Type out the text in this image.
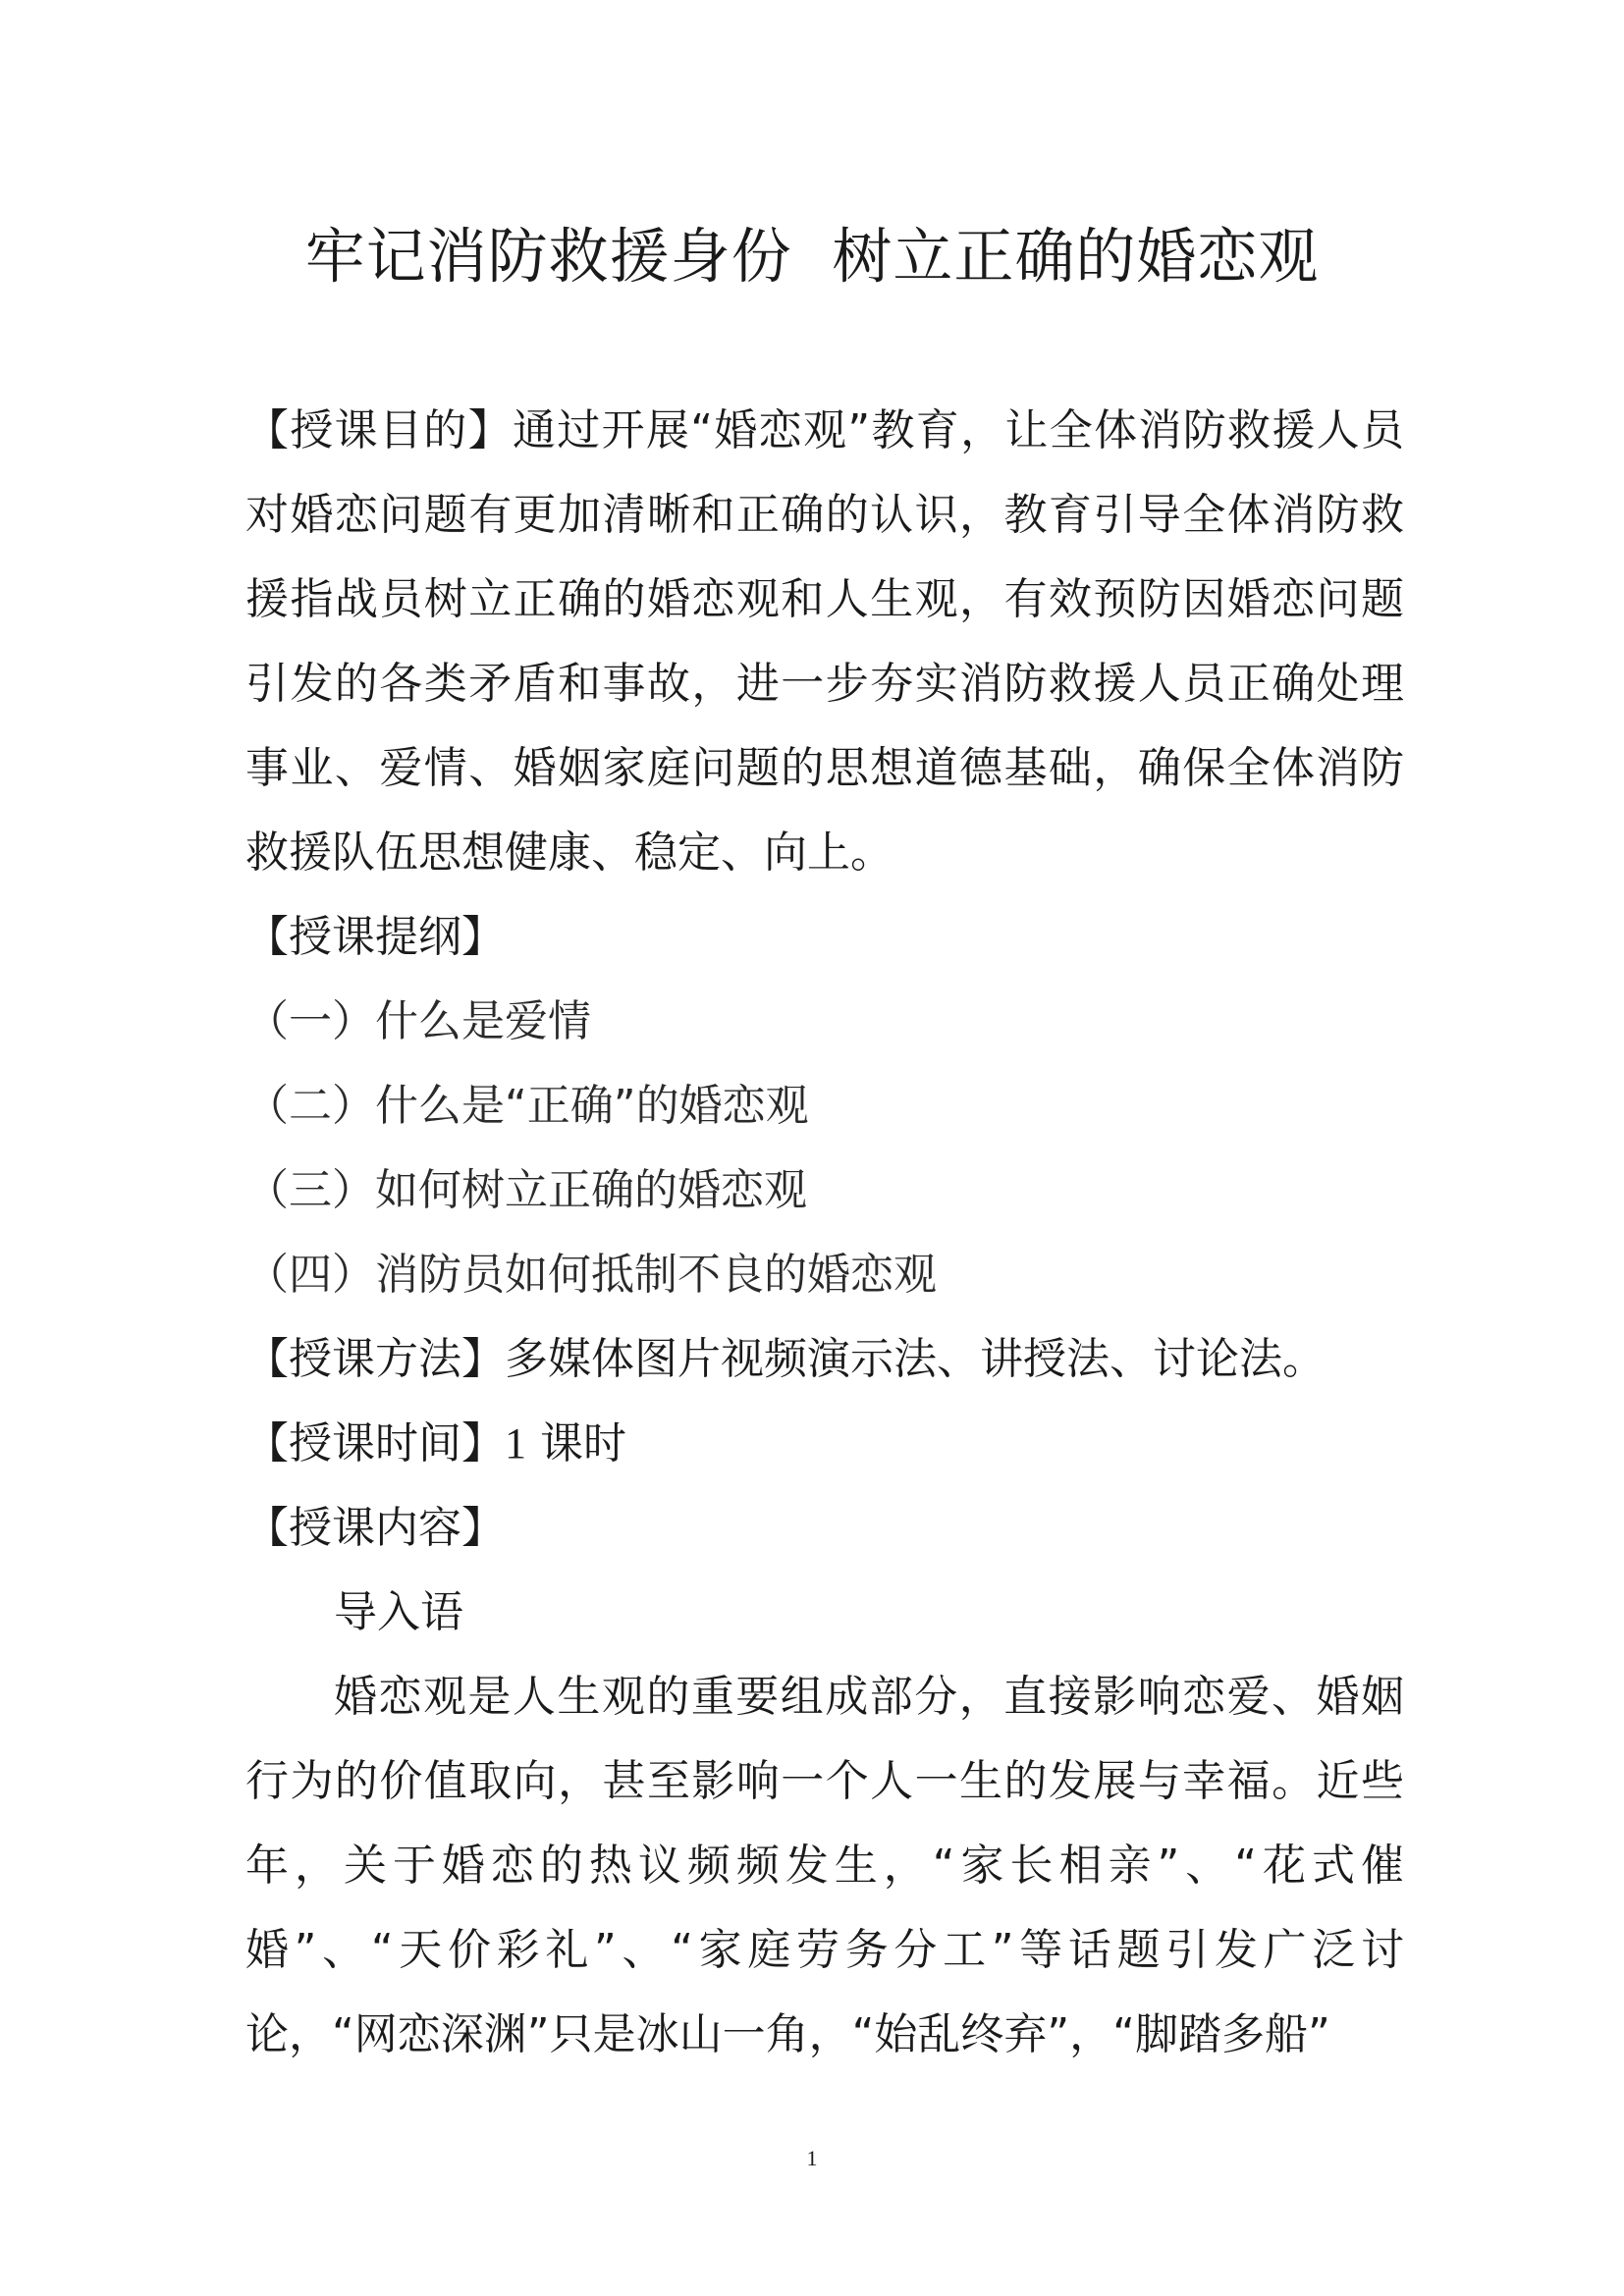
牢记消防救援身份  树立正确的婚恋观

【授课目的】通过开展“婚恋观”教育，让全体消防救援人员对婚恋问题有更加清晰和正确的认识，教育引导全体消防救援指战员树立正确的婚恋观和人生观，有效预防因婚恋问题引发的各类矛盾和事故，进一步夯实消防救援人员正确处理事业、爱情、婚姻家庭问题的思想道德基础，确保全体消防救援队伍思想健康、稳定、向上。

【授课提纲】

（一）什么是爱情

（二）什么是“正确”的婚恋观

（三）如何树立正确的婚恋观

（四）消防员如何抵制不良的婚恋观

【授课方法】多媒体图片视频演示法、讲授法、讨论法。

【授课时间】1 课时

【授课内容】

导入语

婚恋观是人生观的重要组成部分，直接影响恋爱、婚姻行为的价值取向，甚至影响一个人一生的发展与幸福。近些年，关于婚恋的热议频频发生，“家长相亲”、“花式催婚”、“天价彩礼”、“家庭劳务分工”等话题引发广泛讨论，“网恋深渊”只是冰山一角，“始乱终弃”，“脚踏多船”

1
